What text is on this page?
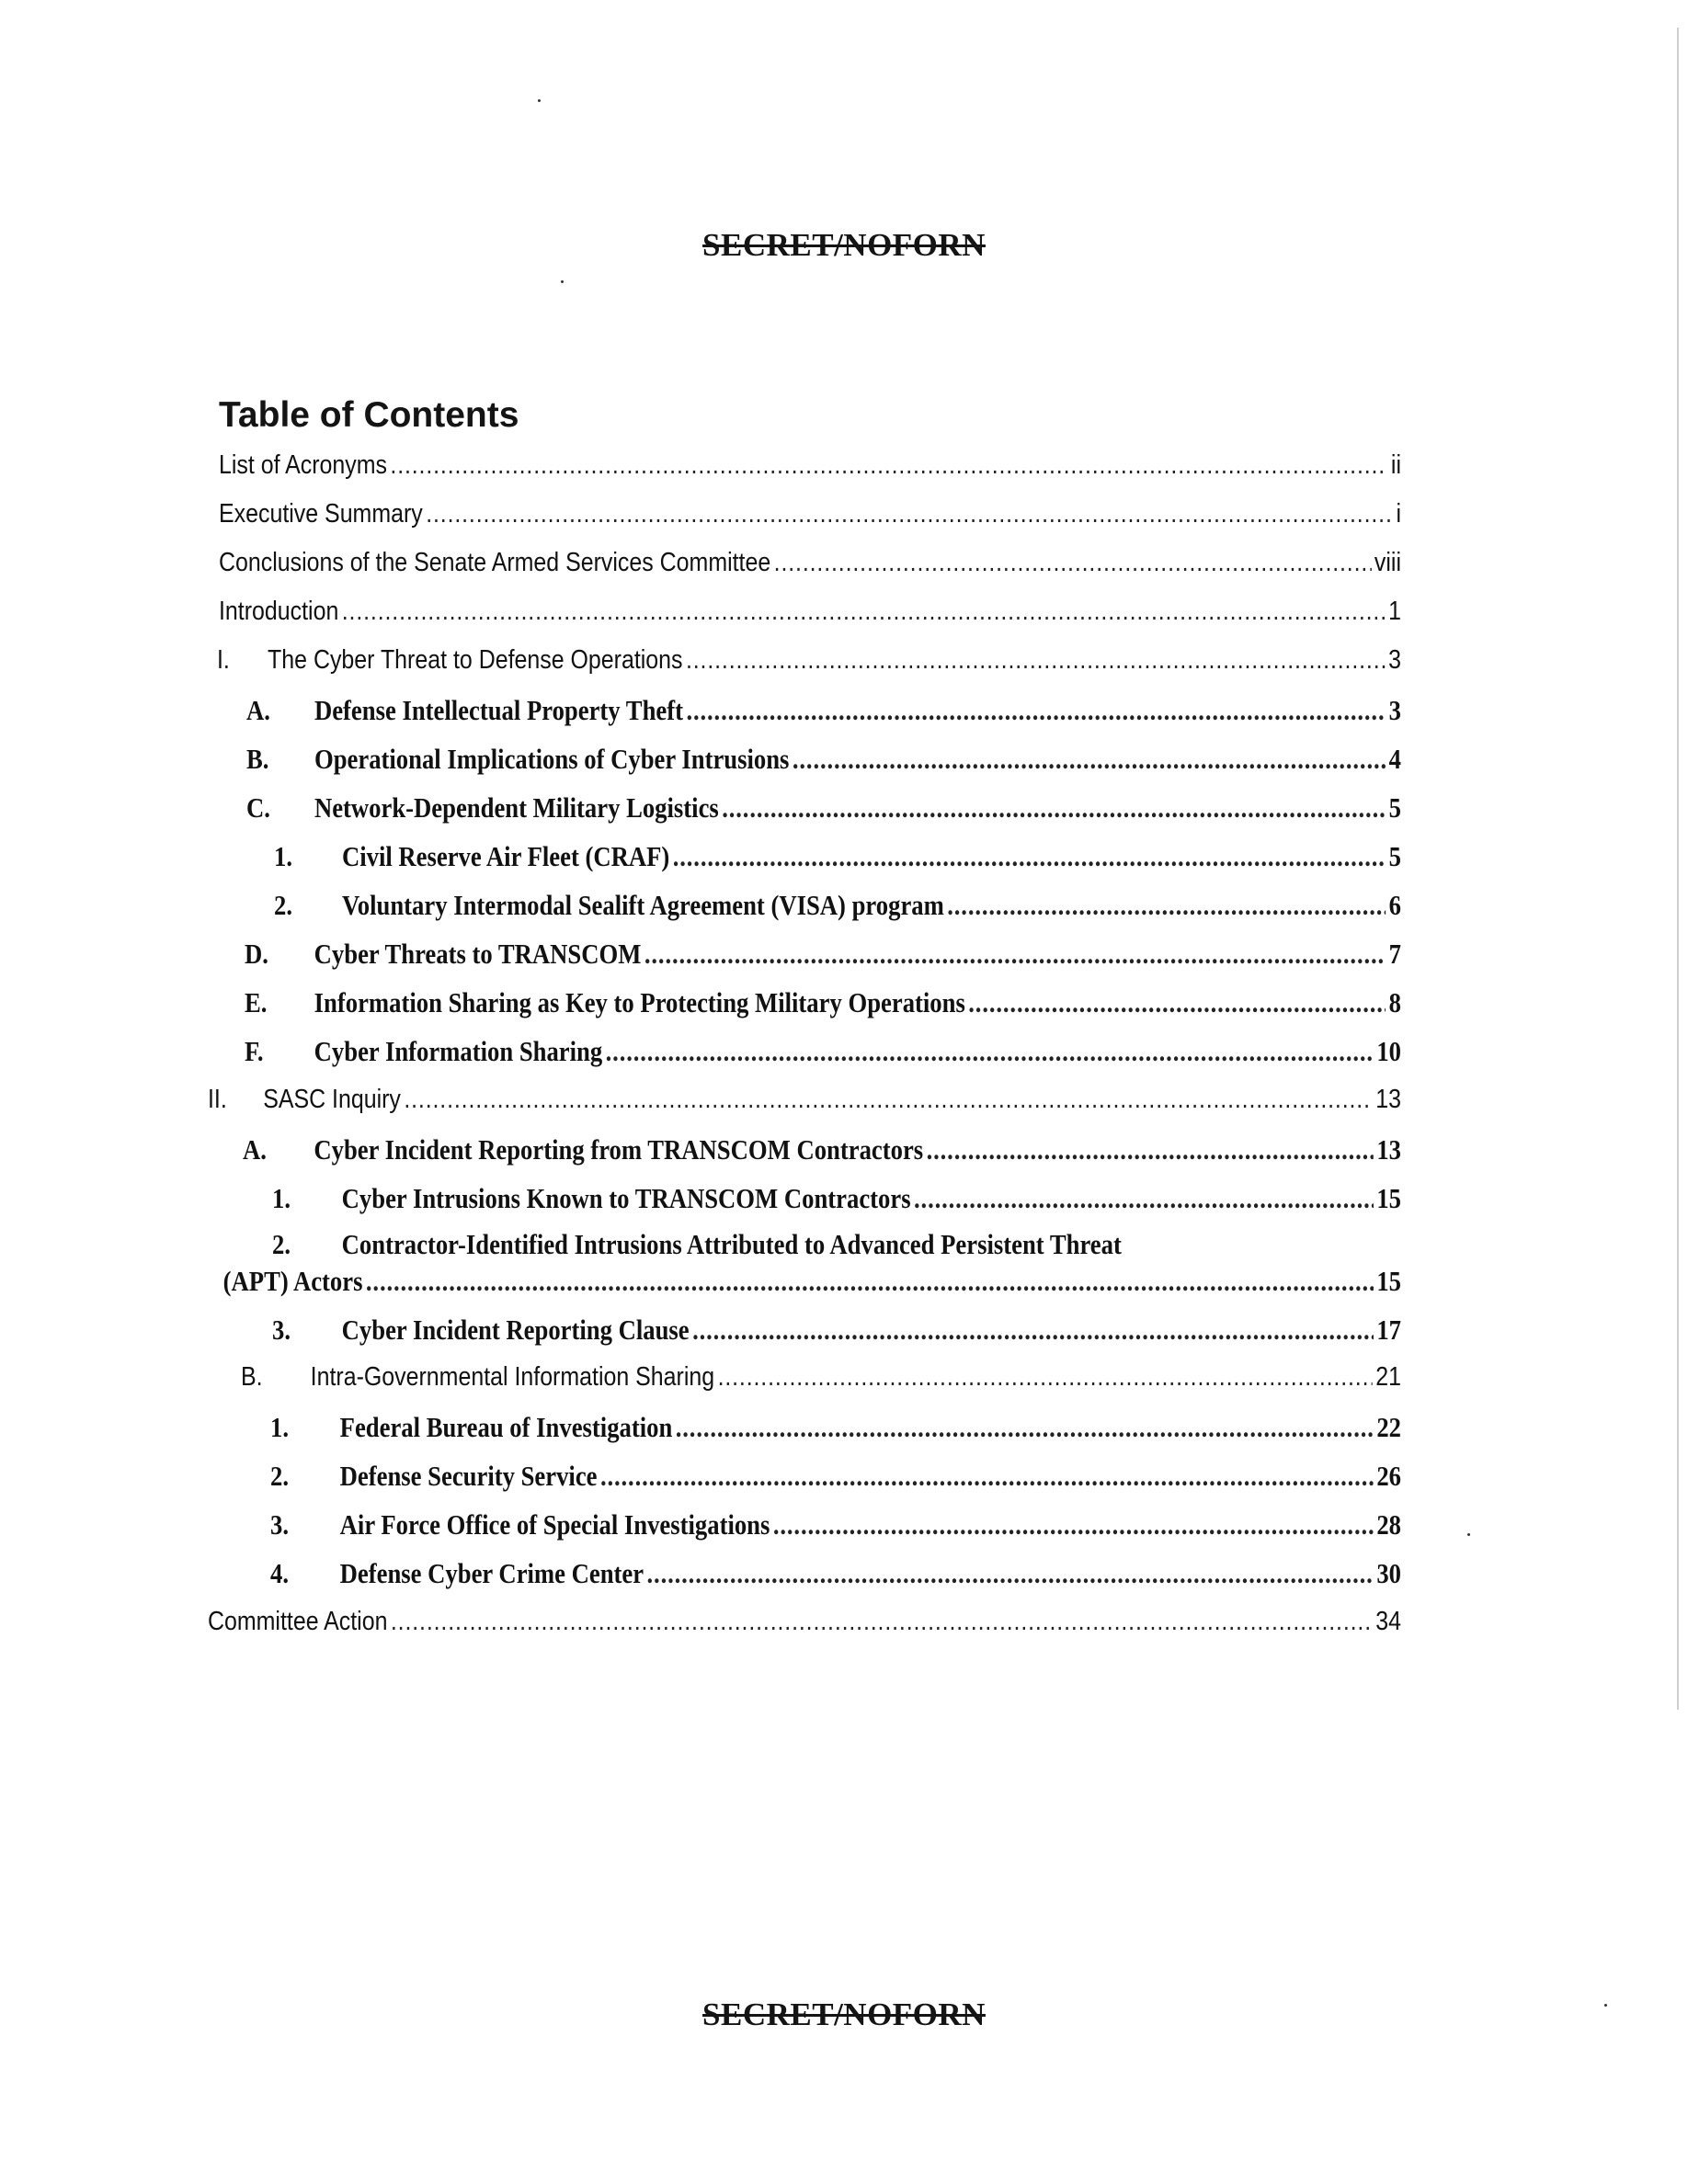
SECRET/NOFORN
Table of Contents
List of Acronyms .....	ii
Executive Summary .....	i
Conclusions of the Senate Armed Services Committee .....	viii
Introduction .....	1
I.	The Cyber Threat to Defense Operations .....	3
A.	Defense Intellectual Property Theft .....	3
B.	Operational Implications of Cyber Intrusions .....	4
C.	Network-Dependent Military Logistics .....	5
1.	Civil Reserve Air Fleet (CRAF) .....	5
2.	Voluntary Intermodal Sealift Agreement (VISA) program .....	6
D.	Cyber Threats to TRANSCOM .....	7
E.	Information Sharing as Key to Protecting Military Operations .....	8
F.	Cyber Information Sharing .....	10
II.	SASC Inquiry .....	13
A.	Cyber Incident Reporting from TRANSCOM Contractors .....	13
1.	Cyber Intrusions Known to TRANSCOM Contractors .....	15
2.	Contractor-Identified Intrusions Attributed to Advanced Persistent Threat
(APT) Actors .....	15
3.	Cyber Incident Reporting Clause .....	17
B.	Intra-Governmental Information Sharing .....	21
1.	Federal Bureau of Investigation .....	22
2.	Defense Security Service .....	26
3.	Air Force Office of Special Investigations .....	28
4.	Defense Cyber Crime Center .....	30
Committee Action .....	34
SECRET/NOFORN
